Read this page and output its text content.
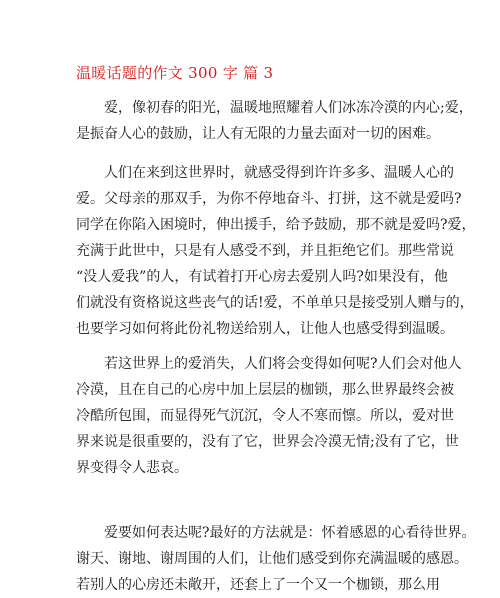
温暖话题的作文 300 字 篇 3
　　爱，像初春的阳光，温暖地照耀着人们冰冻冷漠的内心;爱，
是振奋人心的鼓励，让人有无限的力量去面对一切的困难。
　　人们在来到这世界时，就感受得到许许多多、温暖人心的
爱。父母亲的那双手，为你不停地奋斗、打拼，这不就是爱吗?
同学在你陷入困境时，伸出援手，给予鼓励，那不就是爱吗?爱，
充满于此世中，只是有人感受不到，并且拒绝它们。那些常说
“没人爱我”的人，有试着打开心房去爱别人吗?如果没有，他
们就没有资格说这些丧气的话!爱，不单单只是接受别人赠与的，
也要学习如何将此份礼物送给别人，让他人也感受得到温暖。
　　若这世界上的爱消失，人们将会变得如何呢?人们会对他人
冷漠，且在自己的心房中加上层层的枷锁，那么世界最终会被
冷酷所包围，而显得死气沉沉，令人不寒而懔。所以，爱对世
界来说是很重要的，没有了它，世界会冷漠无情;没有了它，世
界变得令人悲哀。
　　爱要如何表达呢?最好的方法就是：怀着感恩的心看待世界。
谢天、谢地、谢周围的人们，让他们感受到你充满温暖的感恩。
若别人的心房还未敞开，还套上了一个又一个枷锁，那么用
